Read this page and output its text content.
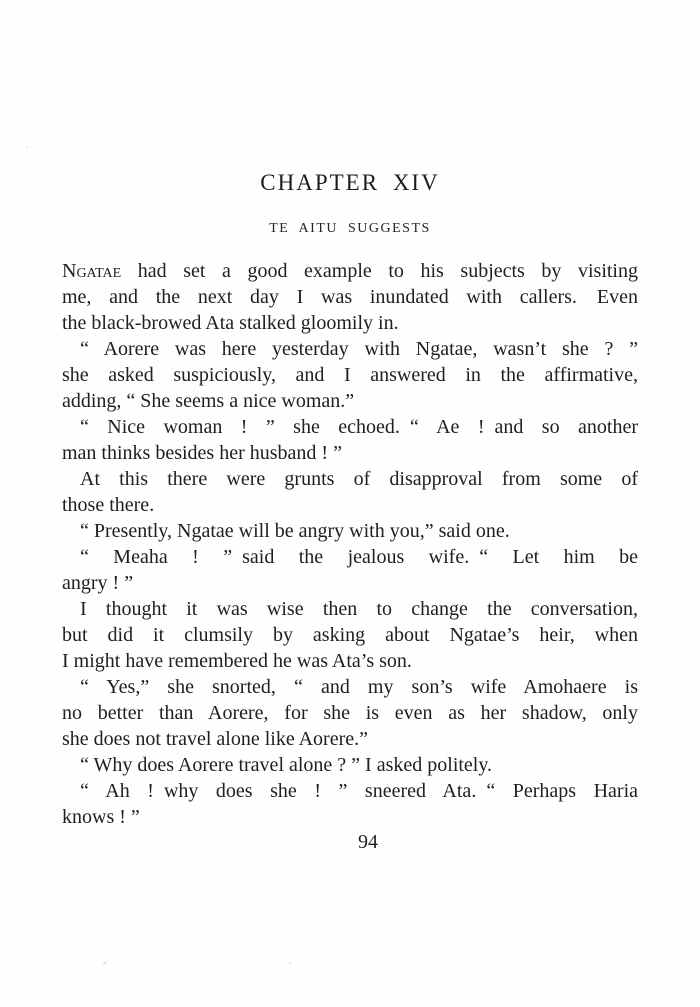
CHAPTER XIV
TE AITU SUGGESTS
Ngatae had set a good example to his subjects by visiting
me, and the next day I was inundated with callers. Even
the black-browed Ata stalked gloomily in.
“ Aorere was here yesterday with Ngatae, wasn’t she ? ”
she asked suspiciously, and I answered in the affirmative,
adding, “ She seems a nice woman.”
“ Nice woman ! ” she echoed. “ Ae ! and so another
man thinks besides her husband ! ”
At this there were grunts of disapproval from some of
those there.
“ Presently, Ngatae will be angry with you,” said one.
“ Meaha ! ” said the jealous wife. “ Let him be
angry ! ”
I thought it was wise then to change the conversation,
but did it clumsily by asking about Ngatae’s heir, when
I might have remembered he was Ata’s son.
“ Yes,” she snorted, “ and my son’s wife Amohaere is
no better than Aorere, for she is even as her shadow, only
she does not travel alone like Aorere.”
“ Why does Aorere travel alone ? ” I asked politely.
“ Ah ! why does she ! ” sneered Ata. “ Perhaps Haria
knows ! ”
94
